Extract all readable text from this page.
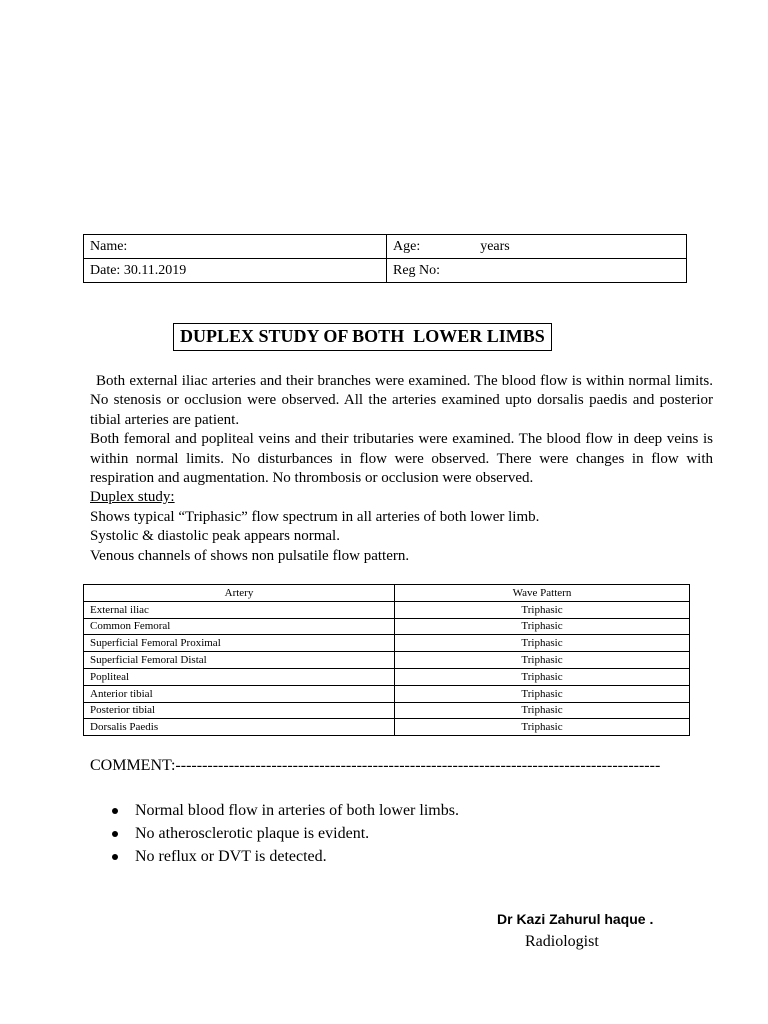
Name:	Age: years
Date: 30.11.2019	Reg No:
DUPLEX STUDY OF BOTH  LOWER LIMBS

Both external iliac arteries and their branches were examined. The blood flow is within normal limits. No stenosis or occlusion were observed. All the arteries examined upto dorsalis paedis and posterior tibial arteries are patient.

Both femoral and popliteal veins and their tributaries were examined. The blood flow in deep veins is within normal limits. No disturbances in flow were observed. There were changes in flow with respiration and augmentation. No thrombosis or occlusion were observed.

Duplex study:

Shows typical “Triphasic” flow spectrum in all arteries of both lower limb.

Systolic & diastolic peak appears normal.

Venous channels of shows non pulsatile flow pattern.

Artery	Wave Pattern
External iliac	Triphasic
Common Femoral	Triphasic
Superficial Femoral Proximal	Triphasic
Superficial Femoral Distal	Triphasic
Popliteal	Triphasic
Anterior tibial	Triphasic
Posterior tibial	Triphasic
Dorsalis Paedis	Triphasic
COMMENT:-------------------------------------------------------------------------------------------
Normal blood flow in arteries of both lower limbs.
No atherosclerotic plaque is evident.
No reflux or DVT is detected.
Dr Kazi Zahurul haque .
Radiologist
